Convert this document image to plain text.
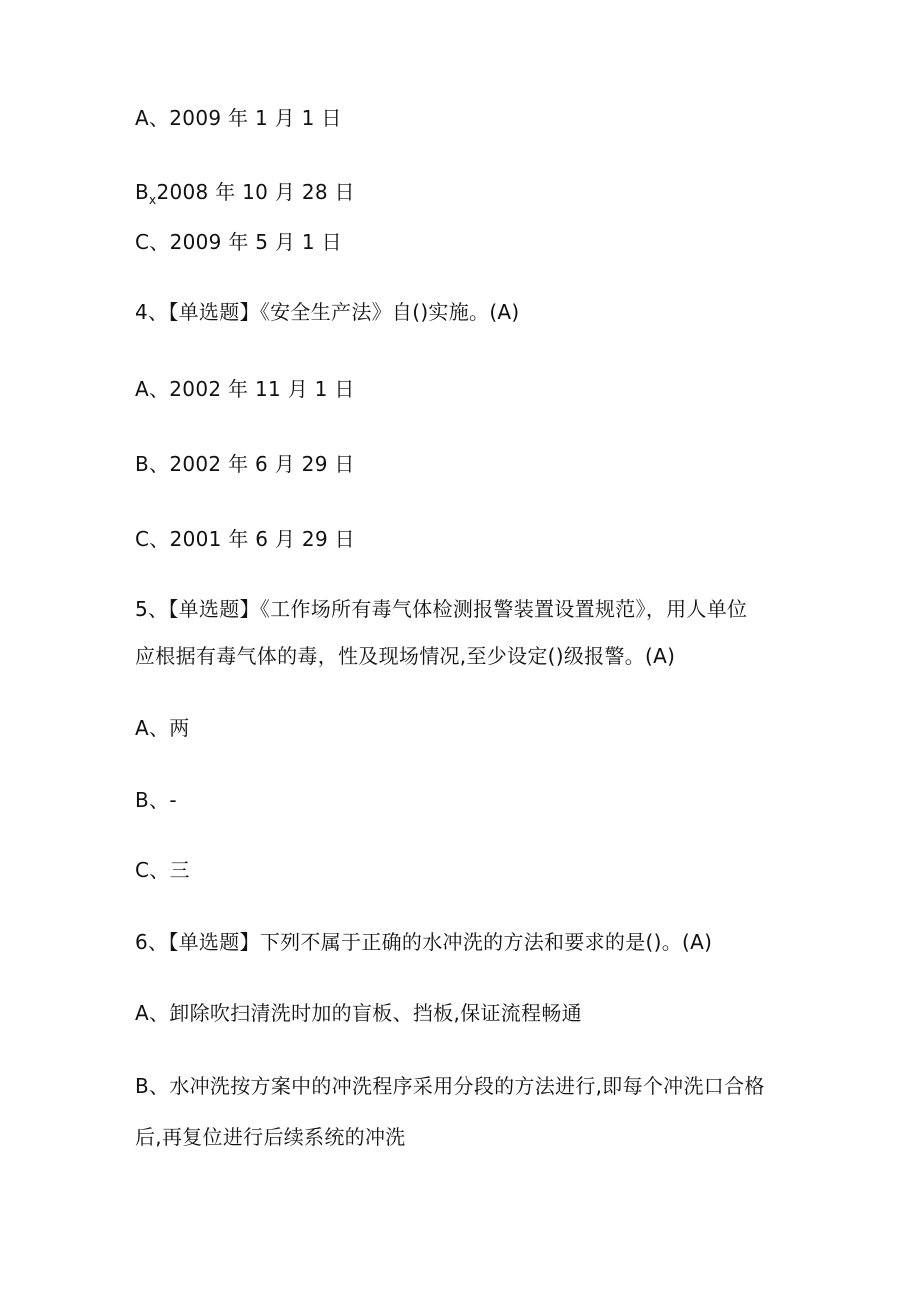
A、2009 年 1 月 1 日
$B_x2008$ 年 10 月 28 日
C、2009 年 5 月 1 日
4、【单选题】《安全生产法》自()实施。(A)
A、2002 年 11 月 1 日
B、2002 年 6 月 29 日
C、2001 年 6 月 29 日
5、【单选题】《工作场所有毒气体检测报警装置设置规范》，用人单位
应根据有毒气体的毒，性及现场情况,至少设定()级报警。(A)
A、两
B、-
C、三
6、【单选题】下列不属于正确的水冲洗的方法和要求的是()。(A)
A、卸除吹扫清洗时加的盲板、挡板,保证流程畅通
B、水冲洗按方案中的冲洗程序采用分段的方法进行,即每个冲洗口合格
后,再复位进行后续系统的冲洗
